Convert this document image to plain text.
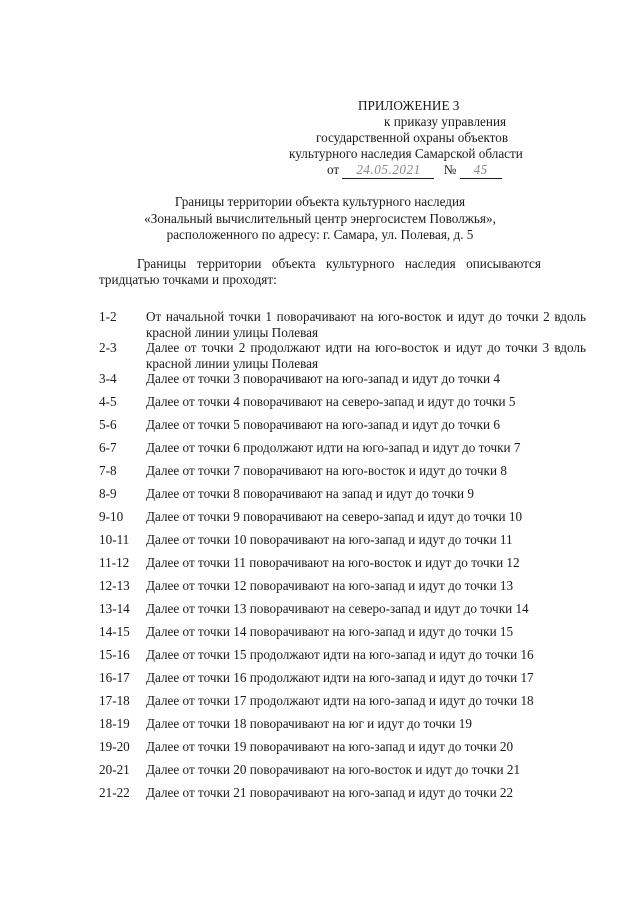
ПРИЛОЖЕНИЕ 3
к приказу управления
государственной охраны объектов
культурного наследия Самарской области
от 24.05.2021 № 45
Границы территории объекта культурного наследия
«Зональный вычислительный центр энергосистем Поволжья»,
расположенного по адресу: г. Самара, ул. Полевая, д. 5
Границы территории объекта культурного наследия описываются
тридцатью точками и проходят:
1-2 От начальной точки 1 поворачивают на юго-восток и идут до точки 2 вдоль красной линии улицы Полевая
2-3 Далее от точки 2 продолжают идти на юго-восток и идут до точки 3 вдоль красной линии улицы Полевая
3-4 Далее от точки 3 поворачивают на юго-запад и идут до точки 4
4-5 Далее от точки 4 поворачивают на северо-запад и идут до точки 5
5-6 Далее от точки 5 поворачивают на юго-запад и идут до точки 6
6-7 Далее от точки 6 продолжают идти на юго-запад и идут до точки 7
7-8 Далее от точки 7 поворачивают на юго-восток и идут до точки 8
8-9 Далее от точки 8 поворачивают на запад и идут до точки 9
9-10 Далее от точки 9 поворачивают на северо-запад и идут до точки 10
10-11 Далее от точки 10 поворачивают на юго-запад и идут до точки 11
11-12 Далее от точки 11 поворачивают на юго-восток и идут до точки 12
12-13 Далее от точки 12 поворачивают на юго-запад и идут до точки 13
13-14 Далее от точки 13 поворачивают на северо-запад и идут до точки 14
14-15 Далее от точки 14 поворачивают на юго-запад и идут до точки 15
15-16 Далее от точки 15 продолжают идти на юго-запад и идут до точки 16
16-17 Далее от точки 16 продолжают идти на юго-запад и идут до точки 17
17-18 Далее от точки 17 продолжают идти на юго-запад и идут до точки 18
18-19 Далее от точки 18 поворачивают на юг и идут до точки 19
19-20 Далее от точки 19 поворачивают на юго-запад и идут до точки 20
20-21 Далее от точки 20 поворачивают на юго-восток и идут до точки 21
21-22 Далее от точки 21 поворачивают на юго-запад и идут до точки 22
